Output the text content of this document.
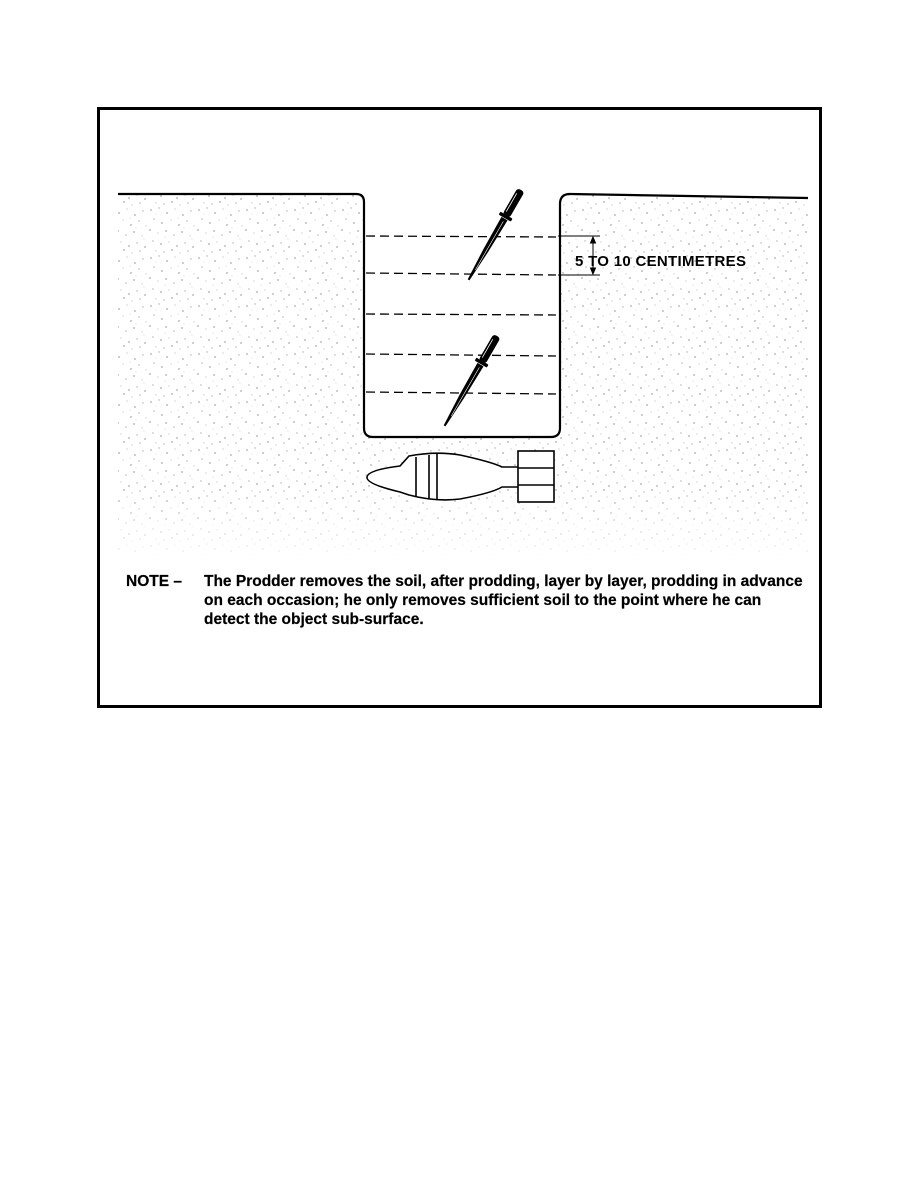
5 TO 10 CENTIMETRES
NOTE –	The Prodder removes the soil, after prodding, layer by layer, prodding in advance on each occasion; he only removes sufficient soil to the point where he can detect the object sub-surface.
